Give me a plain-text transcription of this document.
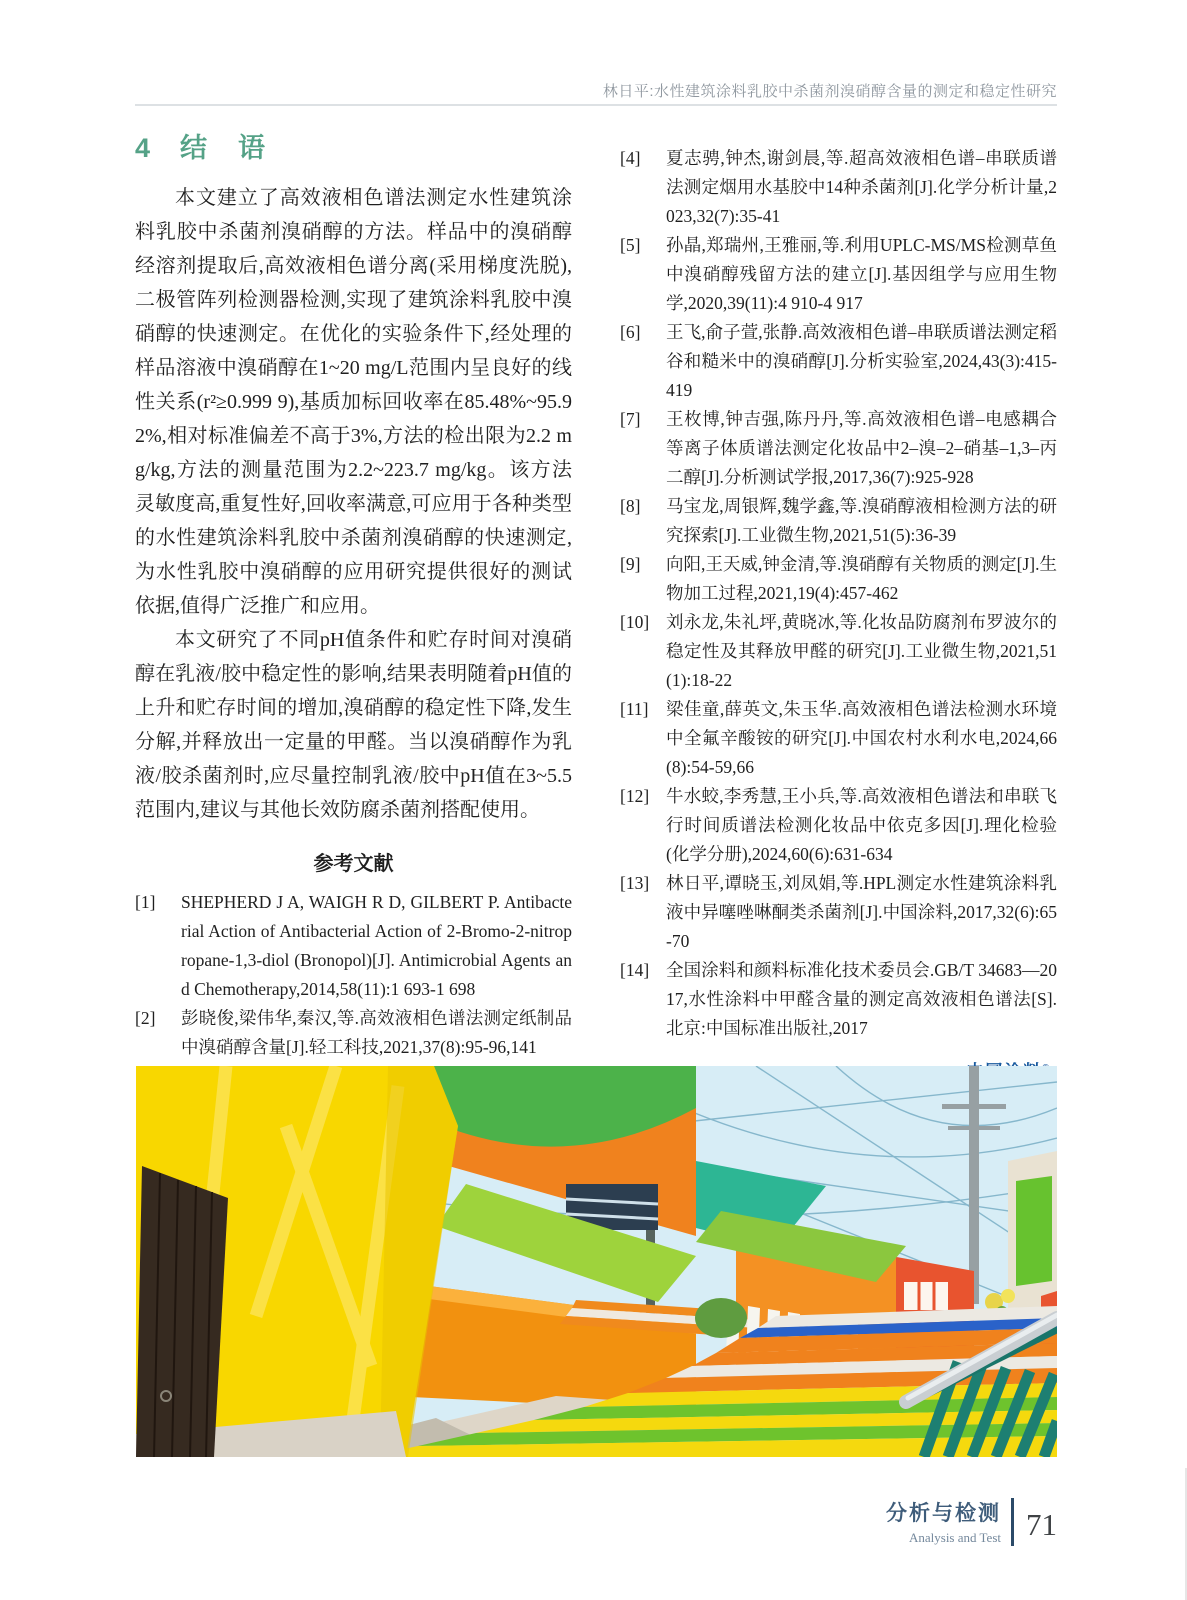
林日平:水性建筑涂料乳胶中杀菌剂溴硝醇含量的测定和稳定性研究
4 结　语

本文建立了高效液相色谱法测定水性建筑涂料乳胶中杀菌剂溴硝醇的方法。样品中的溴硝醇经溶剂提取后,高效液相色谱分离(采用梯度洗脱),二极管阵列检测器检测,实现了建筑涂料乳胶中溴硝醇的快速测定。在优化的实验条件下,经处理的样品溶液中溴硝醇在1~20 mg/L范围内呈良好的线性关系(r²≥0.999 9),基质加标回收率在85.48%~95.92%,相对标准偏差不高于3%,方法的检出限为2.2 mg/kg,方法的测量范围为2.2~223.7 mg/kg。该方法灵敏度高,重复性好,回收率满意,可应用于各种类型的水性建筑涂料乳胶中杀菌剂溴硝醇的快速测定,为水性乳胶中溴硝醇的应用研究提供很好的测试依据,值得广泛推广和应用。

本文研究了不同pH值条件和贮存时间对溴硝醇在乳液/胶中稳定性的影响,结果表明随着pH值的上升和贮存时间的增加,溴硝醇的稳定性下降,发生分解,并释放出一定量的甲醛。当以溴硝醇作为乳液/胶杀菌剂时,应尽量控制乳液/胶中pH值在3~5.5范围内,建议与其他长效防腐杀菌剂搭配使用。

参考文献
[1] SHEPHERD J A, WAIGH R D, GILBERT P. Antibacterial Action of Antibacterial Action of 2-Bromo-2-nitropropane-1,3-diol (Bronopol)[J]. Antimicrobial Agents and Chemotherapy,2014,58(11):1 693-1 698
[2] 彭晓俊,梁伟华,秦汉,等.高效液相色谱法测定纸制品中溴硝醇含量[J].轻工科技,2021,37(8):95-96,141
[4] 夏志骋,钟杰,谢剑晨,等.超高效液相色谱–串联质谱法测定烟用水基胶中14种杀菌剂[J].化学分析计量,2023,32(7):35-41
[5] 孙晶,郑瑞州,王雅丽,等.利用UPLC-MS/MS检测草鱼中溴硝醇残留方法的建立[J].基因组学与应用生物学,2020,39(11):4 910-4 917
[6] 王飞,俞子萱,张静.高效液相色谱–串联质谱法测定稻谷和糙米中的溴硝醇[J].分析实验室,2024,43(3):415-419
[7] 王枚博,钟吉强,陈丹丹,等.高效液相色谱–电感耦合等离子体质谱法测定化妆品中2–溴–2–硝基–1,3–丙二醇[J].分析测试学报,2017,36(7):925-928
[8] 马宝龙,周银辉,魏学鑫,等.溴硝醇液相检测方法的研究探索[J].工业微生物,2021,51(5):36-39
[9] 向阳,王天威,钟金清,等.溴硝醇有关物质的测定[J].生物加工过程,2021,19(4):457-462
[10] 刘永龙,朱礼坪,黄晓冰,等.化妆品防腐剂布罗波尔的稳定性及其释放甲醛的研究[J].工业微生物,2021,51(1):18-22
[11] 梁佳童,薛英文,朱玉华.高效液相色谱法检测水环境中全氟辛酸铵的研究[J].中国农村水利水电,2024,66(8):54-59,66
[12] 牛水蛟,李秀慧,王小兵,等.高效液相色谱法和串联飞行时间质谱法检测化妆品中依克多因[J].理化检验(化学分册),2024,60(6):631-634
[13] 林日平,谭晓玉,刘凤娟,等.HPL测定水性建筑涂料乳液中异噻唑啉酮类杀菌剂[J].中国涂料,2017,32(6):65-70
[14] 全国涂料和颜料标准化技术委员会.GB/T 34683—2017,水性涂料中甲醛含量的测定高效液相色谱法[S].北京:中国标准出版社,2017
分析与检测
Analysis and Test 71
